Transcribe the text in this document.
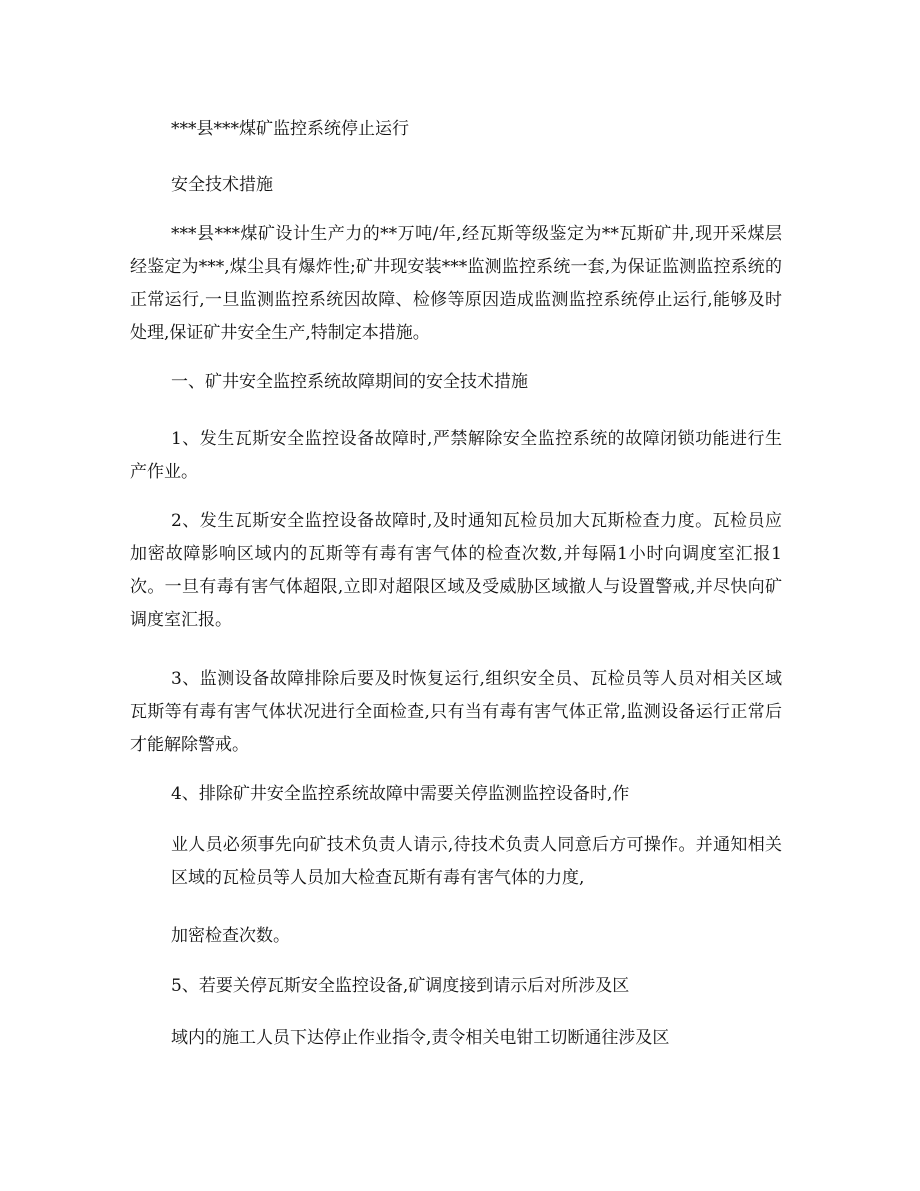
***县***煤矿监控系统停止运行

安全技术措施

***县***煤矿设计生产力的**万吨/年,经瓦斯等级鉴定为**瓦斯矿井,现开采煤层经鉴定为***,煤尘具有爆炸性;矿井现安装***监测监控系统一套,为保证监测监控系统的正常运行,一旦监测监控系统因故障、检修等原因造成监测监控系统停止运行,能够及时处理,保证矿井安全生产,特制定本措施。

一、矿井安全监控系统故障期间的安全技术措施

1、发生瓦斯安全监控设备故障时,严禁解除安全监控系统的故障闭锁功能进行生产作业。

2、发生瓦斯安全监控设备故障时,及时通知瓦检员加大瓦斯检查力度。瓦检员应加密故障影响区域内的瓦斯等有毒有害气体的检查次数,并每隔1小时向调度室汇报1次。一旦有毒有害气体超限,立即对超限区域及受威胁区域撤人与设置警戒,并尽快向矿调度室汇报。

3、监测设备故障排除后要及时恢复运行,组织安全员、瓦检员等人员对相关区域瓦斯等有毒有害气体状况进行全面检查,只有当有毒有害气体正常,监测设备运行正常后才能解除警戒。

4、排除矿井安全监控系统故障中需要关停监测监控设备时,作

业人员必须事先向矿技术负责人请示,待技术负责人同意后方可操作。并通知相关区域的瓦检员等人员加大检查瓦斯有毒有害气体的力度,

加密检查次数。

5、若要关停瓦斯安全监控设备,矿调度接到请示后对所涉及区

域内的施工人员下达停止作业指令,责令相关电钳工切断通往涉及区
